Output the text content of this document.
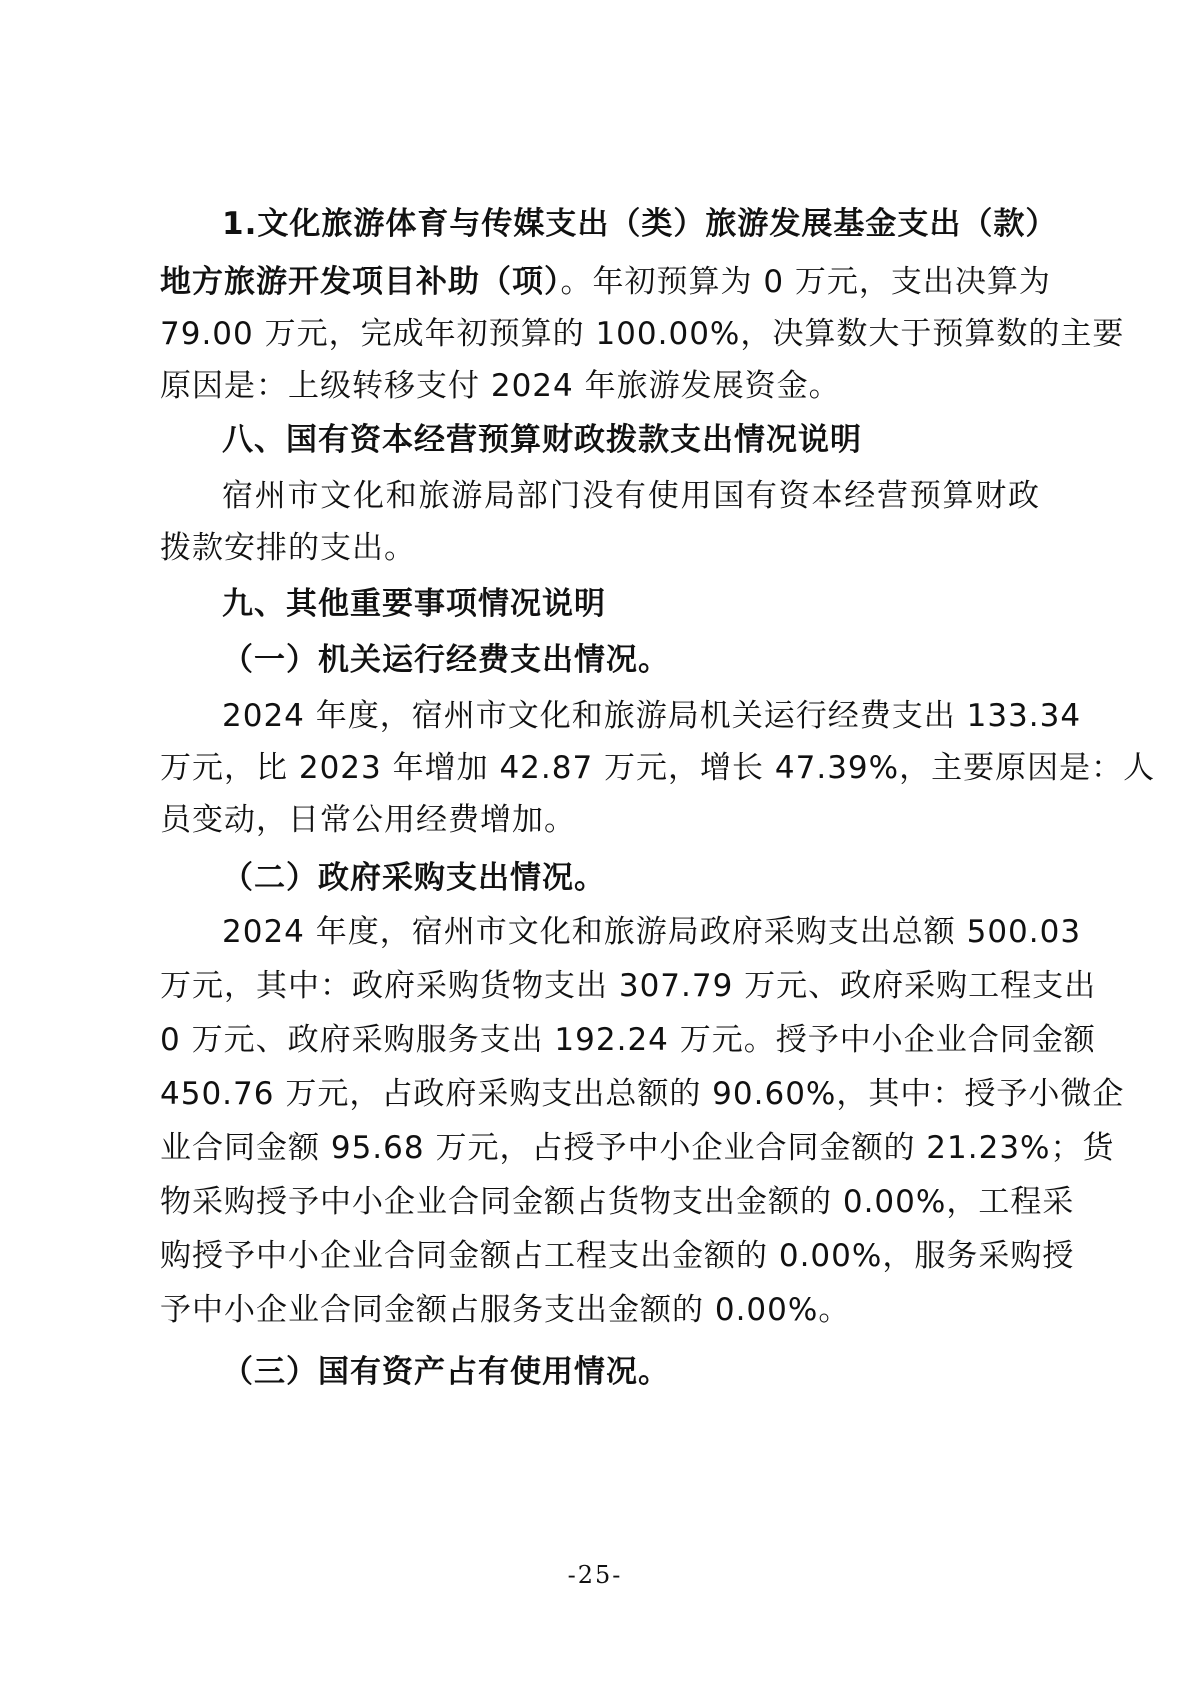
1.文化旅游体育与传媒支出（类）旅游发展基金支出（款）
地方旅游开发项目补助（项）。年初预算为 0 万元，支出决算为
79.00 万元，完成年初预算的 100.00%，决算数大于预算数的主要
原因是：上级转移支付 2024 年旅游发展资金。
八、国有资本经营预算财政拨款支出情况说明
宿州市文化和旅游局部门没有使用国有资本经营预算财政
拨款安排的支出。
九、其他重要事项情况说明
（一）机关运行经费支出情况。
2024 年度，宿州市文化和旅游局机关运行经费支出 133.34
万元，比 2023 年增加 42.87 万元，增长 47.39%，主要原因是：人
员变动，日常公用经费增加。
（二）政府采购支出情况。
2024 年度，宿州市文化和旅游局政府采购支出总额 500.03
万元，其中：政府采购货物支出 307.79 万元、政府采购工程支出
0 万元、政府采购服务支出 192.24 万元。授予中小企业合同金额
450.76 万元，占政府采购支出总额的 90.60%，其中：授予小微企
业合同金额 95.68 万元，占授予中小企业合同金额的 21.23%；货
物采购授予中小企业合同金额占货物支出金额的 0.00%，工程采
购授予中小企业合同金额占工程支出金额的 0.00%，服务采购授
予中小企业合同金额占服务支出金额的 0.00%。
（三）国有资产占有使用情况。
-25-
